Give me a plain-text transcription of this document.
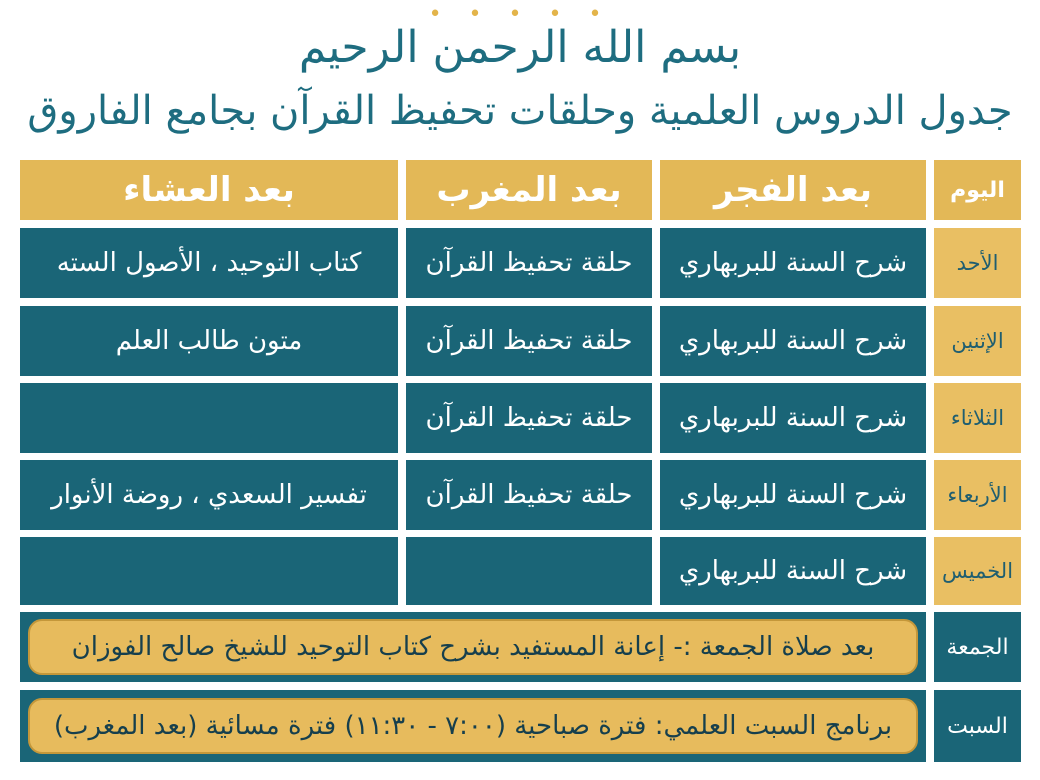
• • • • •
بسم الله الرحمن الرحيم
جدول الدروس العلمية وحلقات تحفيظ القرآن بجامع الفاروق
اليوم
بعد الفجر
بعد المغرب
بعد العشاء
الأحد
شرح السنة للبربهاري
حلقة تحفيظ القرآن
كتاب التوحيد ، الأصول السته
الإثنين
شرح السنة للبربهاري
حلقة تحفيظ القرآن
متون طالب العلم
الثلاثاء
شرح السنة للبربهاري
حلقة تحفيظ القرآن
الأربعاء
شرح السنة للبربهاري
حلقة تحفيظ القرآن
تفسير السعدي ، روضة الأنوار
الخميس
شرح السنة للبربهاري
الجمعة
بعد صلاة الجمعة :- إعانة المستفيد بشرح كتاب التوحيد للشيخ صالح الفوزان
السبت
برنامج السبت العلمي: فترة صباحية (٧:٠٠ - ١١:٣٠) فترة مسائية (بعد المغرب)
